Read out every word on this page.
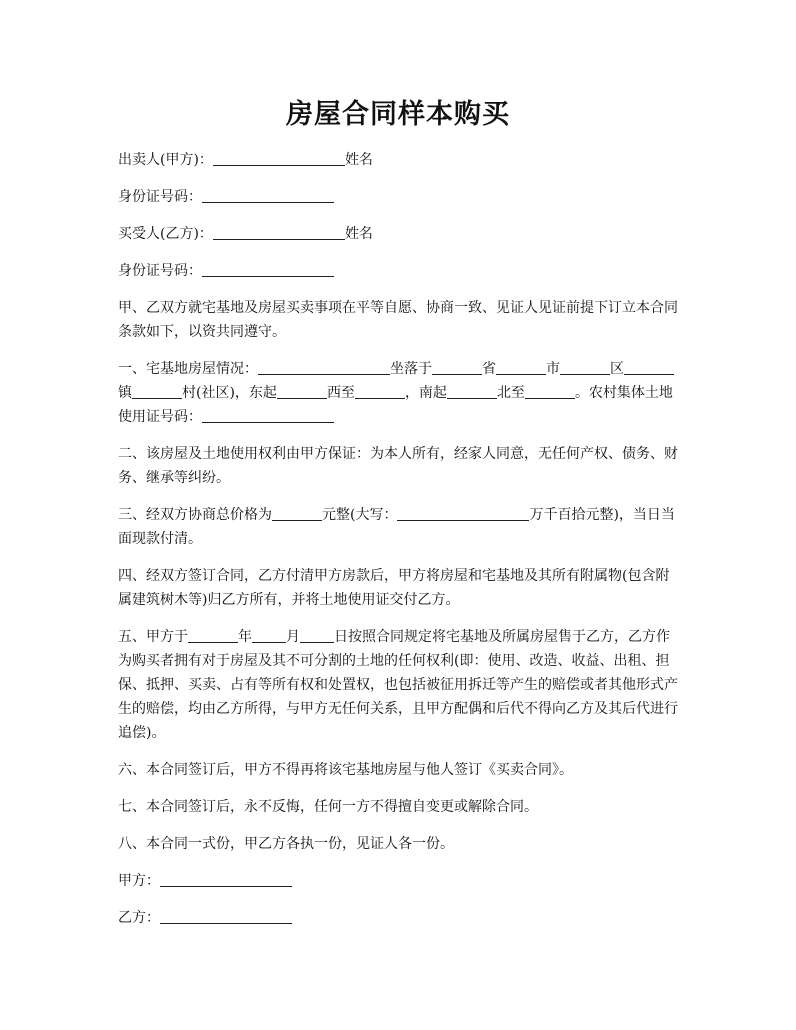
房屋合同样本购买

出卖人(甲方)：	姓名

身份证号码：

买受人(乙方)：	姓名

身份证号码：

甲、乙双方就宅基地及房屋买卖事项在平等自愿、协商一致、见证人见证前提下订立本合同条款如下，以资共同遵守。

一、宅基地房屋情况：	坐落于	省	市	区镇	村(社区)，东起	西至	，南起	北至	。农村集体土地使用证号码：

二、该房屋及土地使用权利由甲方保证：为本人所有，经家人同意，无任何产权、债务、财务、继承等纠纷。

三、经双方协商总价格为	元整(大写：	万千百拾元整)，当日当面现款付清。

四、经双方签订合同，乙方付清甲方房款后，甲方将房屋和宅基地及其所有附属物(包含附属建筑树木等)归乙方所有，并将土地使用证交付乙方。

五、甲方于	年 月 日按照合同规定将宅基地及所属房屋售于乙方，乙方作为购买者拥有对于房屋及其不可分割的土地的任何权利(即：使用、改造、收益、出租、担保、抵押、买卖、占有等所有权和处置权，也包括被征用拆迁等产生的赔偿或者其他形式产生的赔偿，均由乙方所得，与甲方无任何关系，且甲方配偶和后代不得向乙方及其后代进行追偿)。

六、本合同签订后，甲方不得再将该宅基地房屋与他人签订《买卖合同》。

七、本合同签订后，永不反悔，任何一方不得擅自变更或解除合同。

八、本合同一式份，甲乙方各执一份，见证人各一份。

甲方：

乙方：
